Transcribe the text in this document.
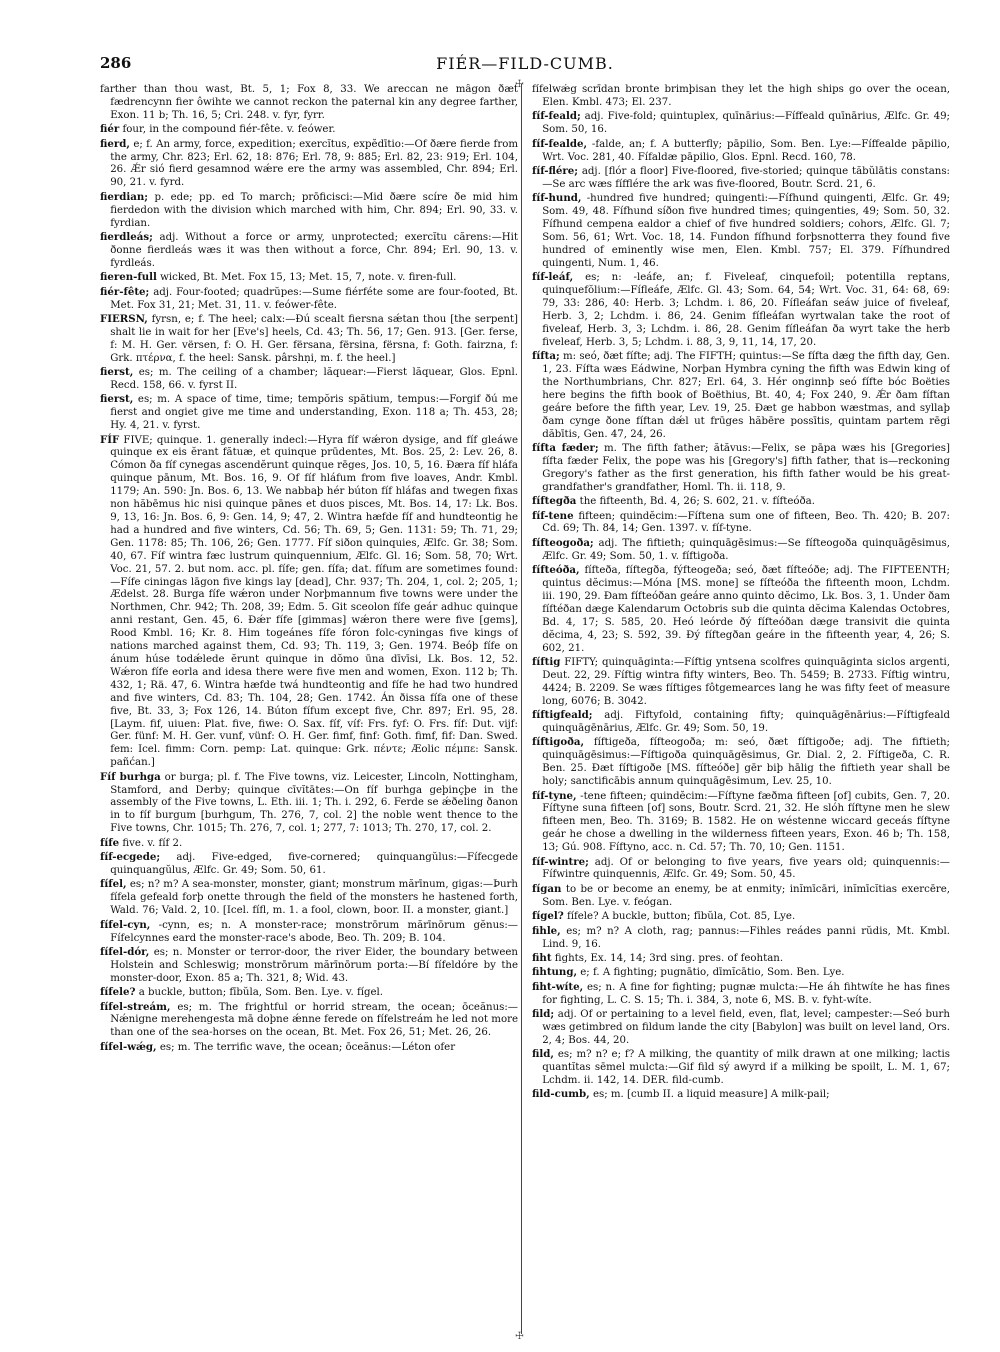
286	FIÉR—FILD-CUMB.

farther than thou wast, Bt. 5, 1; Fox 8, 33. We areccan ne mâgon ðæt fædrencynn fier ôwihte we cannot reckon the paternal kin any degree farther, Exon. 11 b; Th. 16, 5; Cri. 248. v. fyr, fyrr.

fiér four, in the compound fiér-fête. v. feówer.

fierd, e; f. An army, force, expedition; exercĭtus, expĕdītio:—Of ðære fierde from the army, Chr. 823; Erl. 62, 18: 876; Erl. 78, 9: 885; Erl. 82, 23: 919; Erl. 104, 26. Ǽr sió fierd gesamnod wǽre ere the army was assembled, Chr. 894; Erl. 90, 21. v. fyrd.

fierdian; p. ede; pp. ed To march; prōficisci:—Mid ðære scíre ðe mid him fierdedon with the division which marched with him, Chr. 894; Erl. 90, 33. v. fyrdian.

fierdleás; adj. Without a force or army, unprotected; exercĭtu cărens:—Hit ðonne fierdleás wæs it was then without a force, Chr. 894; Erl. 90, 13. v. fyrdleás.

fieren-full wicked, Bt. Met. Fox 15, 13; Met. 15, 7, note. v. firen-full.

fiér-fête; adj. Four-footed; quadrŭpes:—Sume fiérféte some are four-footed, Bt. Met. Fox 31, 21; Met. 31, 11. v. feówer-fête.

FIERSN, fyrsn, e; f. The heel; calx:—Ðú scealt fiersna sǽtan thou [the serpent] shalt lie in wait for her [Eve's] heels, Cd. 43; Th. 56, 17; Gen. 913. [Ger. ferse, f: M. H. Ger. vërsen, f: O. H. Ger. fërsana, fërsina, fërsna, f: Goth. fairzna, f: Grk. πτέρνα, f. the heel: Sansk. pârshṇi, m. f. the heel.]

fierst, es; m. The ceiling of a chamber; lăquear:—Fierst lăquear, Glos. Epnl. Recd. 158, 66. v. fyrst II.

fierst, es; m. A space of time, time; tempŏris spătium, tempus:—Forgif ðú me fierst and ongiet give me time and understanding, Exon. 118 a; Th. 453, 28; Hy. 4, 21. v. fyrst.

FÍF FIVE; quinque. 1. generally indecl:—Hyra fíf wǽron dysige, and fíf gleáwe quinque ex eis ĕrant fătuæ, et quinque prūdentes, Mt. Bos. 25, 2: Lev. 26, 8. Cómon ða fíf cynegas ascendĕrunt quinque rēges, Jos. 10, 5, 16. Ðæra fíf hláfa quinque pānum, Mt. Bos. 16, 9. Of fíf hláfum from five loaves, Andr. Kmbl. 1179; An. 590: Jn. Bos. 6, 13. We nabbaþ hér búton fíf hláfas and twegen fixas non hăbēmus hic nisi quinque pānes et duos pisces, Mt. Bos. 14, 17: Lk. Bos. 9, 13, 16: Jn. Bos. 6, 9: Gen. 14, 9; 47, 2. Wintra hæfde fíf and hundteontig he had a hundred and five winters, Cd. 56; Th. 69, 5; Gen. 1131: 59; Th. 71, 29; Gen. 1178: 85; Th. 106, 26; Gen. 1777. Fíf siðon quinquies, Ælfc. Gr. 38; Som. 40, 67. Fíf wintra fæc lustrum quinquennium, Ælfc. Gl. 16; Som. 58, 70; Wrt. Voc. 21, 57. 2. but nom. acc. pl. fífe; gen. fífa; dat. fífum are sometimes found:—Fífe ciningas lāgon five kings lay [dead], Chr. 937; Th. 204, 1, col. 2; 205, 1; Ædelst. 28. Burga fífe wǽron under Norþmannum five towns were under the Northmen, Chr. 942; Th. 208, 39; Edm. 5. Git sceolon fífe geár adhuc quinque anni restant, Gen. 45, 6. Ðǽr fífe [gimmas] wǽron there were five [gems], Rood Kmbl. 16; Kr. 8. Him togeánes fífe fóron folc-cyningas five kings of nations marched against them, Cd. 93; Th. 119, 3; Gen. 1974. Beóþ fífe on ánum húse todǽlede ĕrunt quinque in dŏmo ūna dīvīsi, Lk. Bos. 12, 52. Wǽron fífe eorla and idesa there were five men and women, Exon. 112 b; Th. 432, 1; Rä. 47, 6. Wintra hæfde twá hundteontig and fífe he had two hundred and five winters, Cd. 83; Th. 104, 28; Gen. 1742. Án ðissa fífa one of these five, Bt. 33, 3; Fox 126, 14. Búton fífum except five, Chr. 897; Erl. 95, 28. [Laym. fif, uiuen: Plat. five, fiwe: O. Sax. fíf, víf: Frs. fyf: O. Frs. fíf: Dut. vijf: Ger. fünf: M. H. Ger. vunf, vünf: O. H. Ger. fimf, finf: Goth. fimf, fif: Dan. Swed. fem: Icel. fimm: Corn. pemp: Lat. quinque: Grk. πέντε; Æolic πέμπε: Sansk. pañćan.]

Fíf burhga or burga; pl. f. The Five towns, viz. Leicester, Lincoln, Nottingham, Stamford, and Derby; quinque cīvĭtātes:—On fíf burhga geþinçþe in the assembly of the Five towns, L. Eth. iii. 1; Th. i. 292, 6. Ferde se ǽðeling ðanon in to fíf burgum [burhgum, Th. 276, 7, col. 2] the noble went thence to the Five towns, Chr. 1015; Th. 276, 7, col. 1; 277, 7: 1013; Th. 270, 17, col. 2.

fífe five. v. fíf 2.

fíf-ecgede; adj. Five-edged, five-cornered; quinquangŭlus:—Fífecgede quinquangŭlus, Ælfc. Gr. 49; Som. 50, 61.

fífel, es; n? m? A sea-monster, monster, giant; monstrum mărīnum, gigas:—Þurh fífela gefeald forþ onette through the field of the monsters he hastened forth, Wald. 76; Vald. 2, 10. [Icel. fífl, m. 1. a fool, clown, boor. II. a monster, giant.]

fífel-cyn, -cynn, es; n. A monster-race; monstrōrum mărīnōrum gĕnus:—Fífelcynnes eard the monster-race's abode, Beo. Th. 209; B. 104.

fífel-dór, es; n. Monster or terror-door, the river Eider, the boundary between Holstein and Schleswig; monstrōrum mărīnōrum porta:—Bí fífeldóre by the monster-door, Exon. 85 a; Th. 321, 8; Wid. 43.

fífele? a buckle, button; fībŭla, Som. Ben. Lye. v. fígel.

fífel-streám, es; m. The frightful or horrid stream, the ocean; ōceănus:—Nǽnigne merehengesta mā doþne ǽnne ferede on fífelstreám he led not more than one of the sea-horses on the ocean, Bt. Met. Fox 26, 51; Met. 26, 26.

fífel-wǽg, es; m. The terrific wave, the ocean; ōceănus:—Léton ofer

☩
☩

fífelwǽg scrīdan bronte brimþisan they let the high ships go over the ocean, Elen. Kmbl. 473; El. 237.

fíf-feald; adj. Five-fold; quintuplex, quīnārius:—Fíffeald quīnārius, Ælfc. Gr. 49; Som. 50, 16.

fíf-fealde, -falde, an; f. A butterfly; pāpilio, Som. Ben. Lye:—Fíffealde pāpilio, Wrt. Voc. 281, 40. Fífaldæ pāpilio, Glos. Epnl. Recd. 160, 78.

fíf-flére; adj. [flór a floor] Five-floored, five-storied; quinque tăbŭlātis constans:—Se arc wæs fífflére the ark was five-floored, Boutr. Scrd. 21, 6.

fíf-hund, -hundred five hundred; quingenti:—Fífhund quingenti, Ælfc. Gr. 49; Som. 49, 48. Fífhund síðon five hundred times; quingenties, 49; Som. 50, 32. Fífhund cempena ealdor a chief of five hundred soldiers; cohors, Ælfc. Gl. 7; Som. 56, 61; Wrt. Voc. 18, 14. Fundon fífhund forþsnotterra they found five hundred of eminently wise men, Elen. Kmbl. 757; El. 379. Fífhundred quingenti, Num. 1, 46.

fíf-leáf, es; n: -leáfe, an; f. Fiveleaf, cinquefoil; potentilla reptans, quinquefŏlium:—Fífleáfe, Ælfc. Gl. 43; Som. 64, 54; Wrt. Voc. 31, 64: 68, 69: 79, 33: 286, 40: Herb. 3; Lchdm. i. 86, 20. Fífleáfan seáw juice of fiveleaf, Herb. 3, 2; Lchdm. i. 86, 24. Genim fífleáfan wyrtwalan take the root of fiveleaf, Herb. 3, 3; Lchdm. i. 86, 28. Genim fífleáfan ða wyrt take the herb fiveleaf, Herb. 3, 5; Lchdm. i. 88, 3, 9, 11, 14, 17, 20.

fífta; m: seó, ðæt fífte; adj. The FIFTH; quintus:—Se fífta dæg the fifth day, Gen. 1, 23. Fífta wæs Eádwine, Norþan Hymbra cyning the fifth was Edwin king of the Northumbrians, Chr. 827; Erl. 64, 3. Hér onginnþ seó fífte bóc Boëties here begins the fifth book of Boëthius, Bt. 40, 4; Fox 240, 9. Ǽr ðam fíftan geáre before the fifth year, Lev. 19, 25. Ðæt ge habbon wæstmas, and syllaþ ðam cynge ðone fíftan dǽl ut frūges hăbēre possītis, quintam partem rēgi dăbītis, Gen. 47, 24, 26.

fífta fæder; m. The fifth father; ătăvus:—Felix, se pāpa wæs his [Gregories] fífta fæder Felix, the pope was his [Gregory's] fifth father, that is—reckoning Gregory's father as the first generation, his fifth father would be his great-grandfather's grandfather, Homl. Th. ii. 118, 9.

fíftegða the fifteenth, Bd. 4, 26; S. 602, 21. v. fífteóða.

fíf-tene fifteen; quindĕcim:—Fíftena sum one of fifteen, Beo. Th. 420; B. 207: Cd. 69; Th. 84, 14; Gen. 1397. v. fíf-tyne.

fífteogoða; adj. The fiftieth; quinquāgēsimus:—Se fífteogoða quinquāgēsimus, Ælfc. Gr. 49; Som. 50, 1. v. fíftigoða.

fífteóða, fífteða, fíftegða, fýfteogeða; seó, ðæt fífteóðe; adj. The FIFTEENTH; quintus dĕcimus:—Móna [MS. mone] se fífteóða the fifteenth moon, Lchdm. iii. 190, 29. Ðam fífteóðan geáre anno quinto dĕcimo, Lk. Bos. 3, 1. Under ðam fíftéðan dæge Kalendarum Octobris sub die quinta dĕcima Kalendas Octobres, Bd. 4, 17; S. 585, 20. Heó leórde ðý fífteóðan dæge transivit die quinta dĕcima, 4, 23; S. 592, 39. Ðý fíftegðan geáre in the fifteenth year, 4, 26; S. 602, 21.

fíftig FIFTY; quinquāginta:—Fíftig yntsena scolfres quinquāginta siclos argenti, Deut. 22, 29. Fíftig wintra fifty winters, Beo. Th. 5459; B. 2733. Fíftig wintru, 4424; B. 2209. Se wæs fíftiges fôtgemearces lang he was fifty feet of measure long, 6076; B. 3042.

fíftigfeald; adj. Fiftyfold, containing fifty; quinquāgēnārius:—Fíftigfeald quinquāgēnārius, Ælfc. Gr. 49; Som. 50, 19.

fíftigoða, fíftigeða, fífteogoða; m: seó, ðæt fíftigoðe; adj. The fiftieth; quinquāgēsimus:—Fíftigoða quinquāgēsimus, Gr. Dial. 2, 2. Fíftigeða, C. R. Ben. 25. Ðæt fíftigoðe [MS. fífteóðe] gēr biþ hālig the fiftieth year shall be holy; sanctificābis annum quinquāgēsimum, Lev. 25, 10.

fíf-tyne, -tene fifteen; quindĕcim:—Fíftyne fæðma fifteen [of] cubits, Gen. 7, 20. Fíftyne suna fifteen [of] sons, Boutr. Scrd. 21, 32. He slóh fíftyne men he slew fifteen men, Beo. Th. 3169; B. 1582. He on wéstenne wiccard geceás fíftyne geár he chose a dwelling in the wilderness fifteen years, Exon. 46 b; Th. 158, 13; Gú. 908. Fíftyno, acc. n. Cd. 57; Th. 70, 10; Gen. 1151.

fíf-wintre; adj. Of or belonging to five years, five years old; quinquennis:—Fífwintre quinquennis, Ælfc. Gr. 49; Som. 50, 45.

fígan to be or become an enemy, be at enmity; inĭmīcāri, inĭmīcĭtias exercēre, Som. Ben. Lye. v. feógan.

fígel? fífele? A buckle, button; fībŭla, Cot. 85, Lye.

fihle, es; m? n? A cloth, rag; pannus:—Fihles reádes panni rŭdis, Mt. Kmbl. Lind. 9, 16.

fiht fights, Ex. 14, 14; 3rd sing. pres. of feohtan.

fihtung, e; f. A fighting; pugnātio, dīmĭcātio, Som. Ben. Lye.

fiht-wíte, es; n. A fine for fighting; pugnæ mulcta:—He áh fihtwíte he has fines for fighting, L. C. S. 15; Th. i. 384, 3, note 6, MS. B. v. fyht-wíte.

fild; adj. Of or pertaining to a level field, even, flat, level; campester:—Seó burh wæs getimbred on fildum lande the city [Babylon] was built on level land, Ors. 2, 4; Bos. 44, 20.

fild, es; m? n? e; f? A milking, the quantity of milk drawn at one milking; lactis quantĭtas sēmel mulcta:—Gif fild sý awyrd if a milking be spoilt, L. M. 1, 67; Lchdm. ii. 142, 14. DER. fild-cumb.

fild-cumb, es; m. [cumb II. a liquid measure] A milk-pail;
